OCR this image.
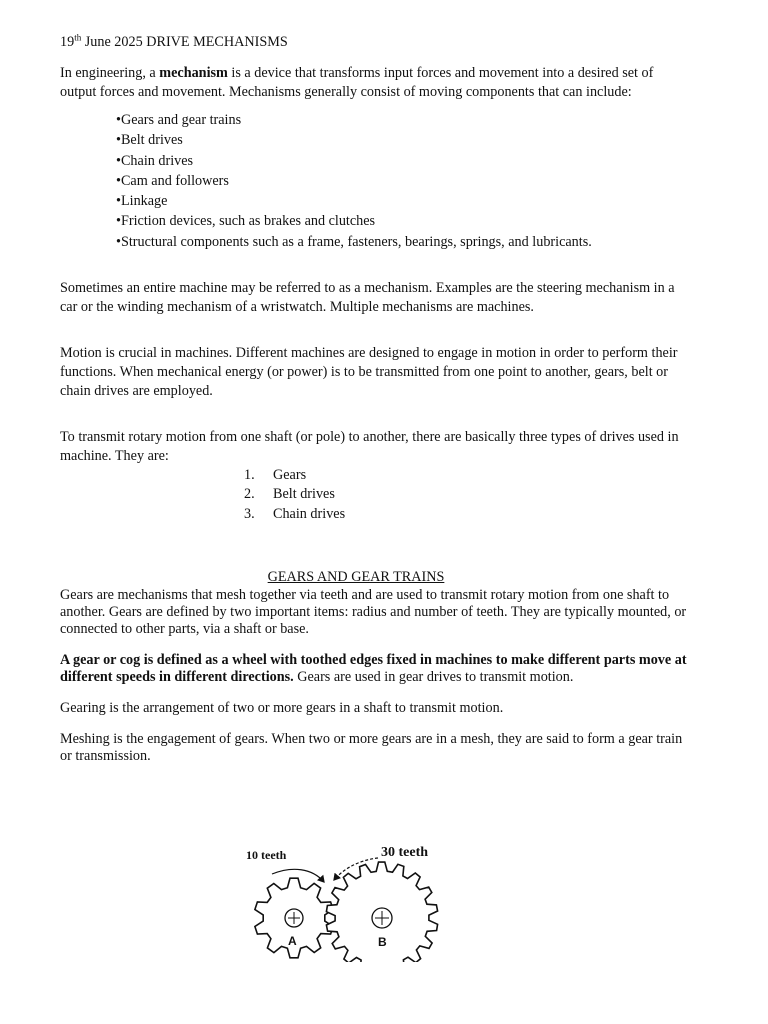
19th June 2025 DRIVE MECHANISMS

In engineering, a mechanism is a device that transforms input forces and movement into a desired set of output forces and movement. Mechanisms generally consist of moving components that can include:

• Gears and gear trains
• Belt drives
• Chain drives
• Cam and followers
• Linkage
• Friction devices, such as brakes and clutches
• Structural components such as a frame, fasteners, bearings, springs, and lubricants.

Sometimes an entire machine may be referred to as a mechanism. Examples are the steering mechanism in a car or the winding mechanism of a wristwatch. Multiple mechanisms are machines.

Motion is crucial in machines. Different machines are designed to engage in motion in order to perform their functions. When mechanical energy (or power) is to be transmitted from one point to another, gears, belt or chain drives are employed.

To transmit rotary motion from one shaft (or pole) to another, there are basically three types of drives used in machine. They are:

1. Gears
2. Belt drives
3. Chain drives
GEARS AND GEAR TRAINS

Gears are mechanisms that mesh together via teeth and are used to transmit rotary motion from one shaft to another. Gears are defined by two important items: radius and number of teeth. They are typically mounted, or connected to other parts, via a shaft or base.

A gear or cog is defined as a wheel with toothed edges fixed in machines to make different parts move at different speeds in different directions. Gears are used in gear drives to transmit motion.

Gearing is the arrangement of two or more gears in a shaft to transmit motion.

Meshing is the engagement of gears. When two or more gears are in a mesh, they are said to form a gear train or transmission.

10 teeth	30 teeth
A	B
